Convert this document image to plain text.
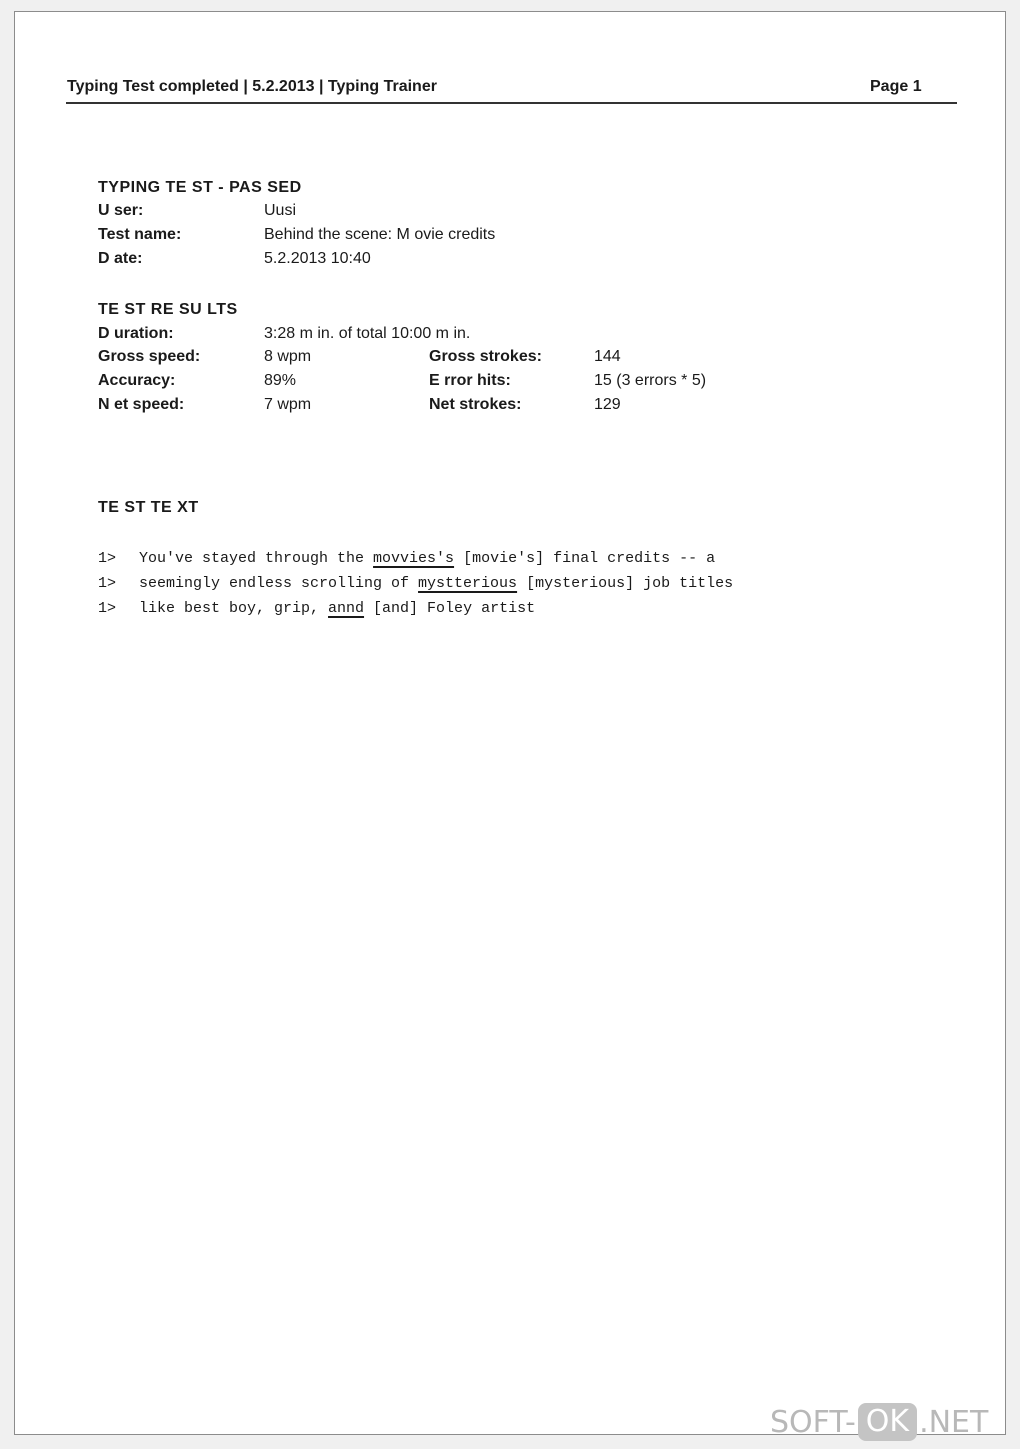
Typing Test completed | 5.2.2013 | Typing Trainer	Page 1
TYPING TE ST - PAS SED
U ser:	Uusi
Test name:	Behind the scene: M ovie credits
D ate:	5.2.2013 10:40
TE ST RE SU LTS
D uration:	3:28 m in. of total 10:00 m in.
Gross speed:	8 wpm	Gross strokes:	144
Accuracy:	89%	E rror hits:	15 (3 errors * 5)
N et speed:	7 wpm	Net strokes:	129
TE ST TE XT
1> You've stayed through the movvies's [movie's] final credits -- a
1> seemingly endless scrolling of mystterious [mysterious] job titles
1> like best boy, grip, annd [and] Foley artist
SOFT- OK .NET
